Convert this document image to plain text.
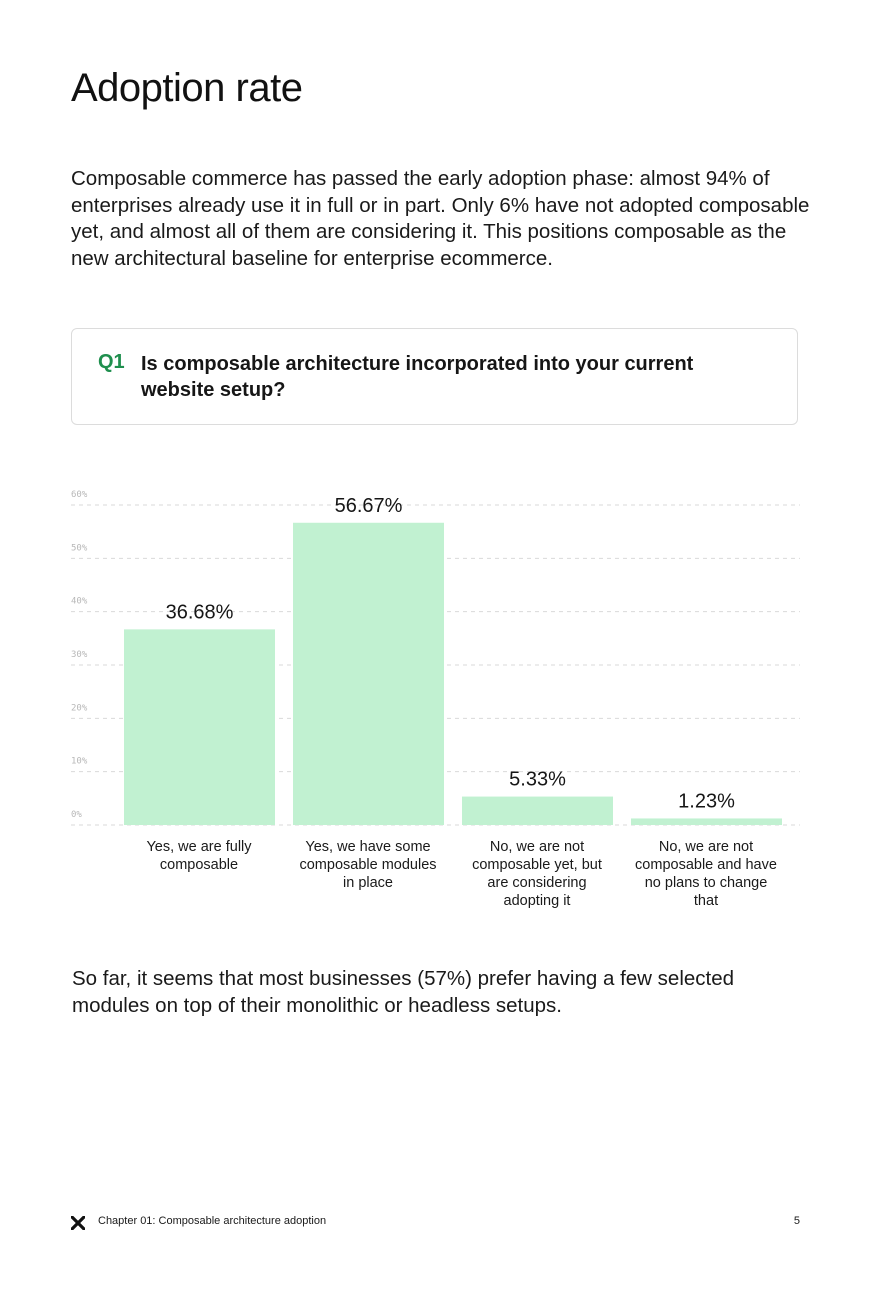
Adoption rate

Composable commerce has passed the early adoption phase: almost 94% of enterprises already use it in full or in part. Only 6% have not adopted composable yet, and almost all of them are considering it. This positions composable as the new architectural baseline for enterprise ecommerce.

Q1 Is composable architecture incorporated into your current website setup?
0%
10%
20%
30%
40%
50%
60%
36.68%
56.67%
5.33%
1.23%
Yes, we are fully composable
Yes, we have some composable modules in place
No, we are not composable yet, but are considering adopting it
No, we are not composable and have no plans to change that

So far, it seems that most businesses (57%) prefer having a few selected modules on top of their monolithic or headless setups.

Chapter 01: Composable architecture adoption	5
